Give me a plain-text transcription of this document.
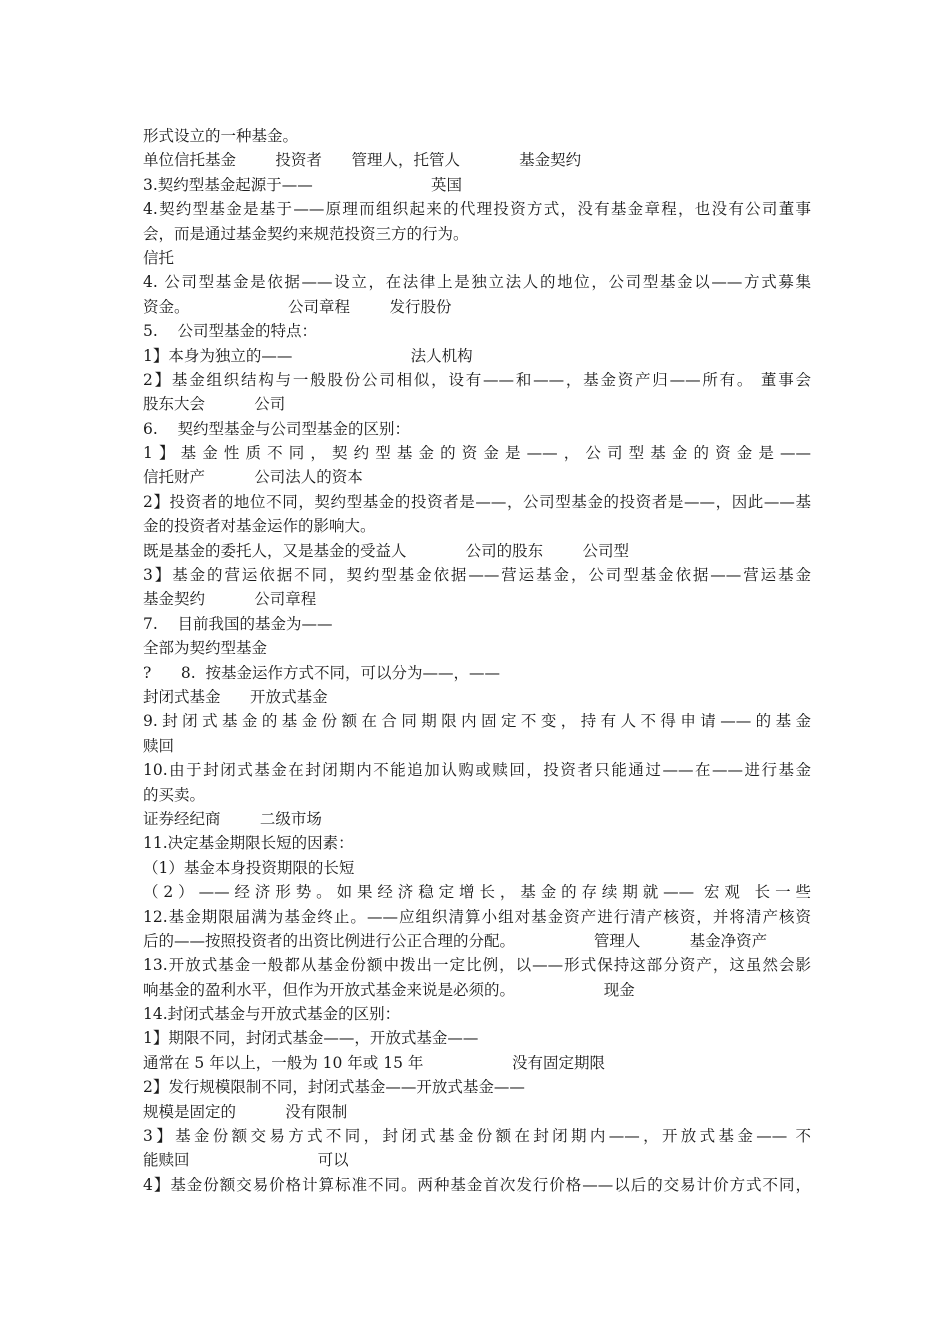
形式设立的一种基金。
单位信托基金        投资者      管理人，托管人            基金契约
3.契约型基金起源于——                        英国
4.契约型基金是基于——原理而组织起来的代理投资方式，没有基金章程，也没有公司董事
会，而是通过基金契约来规范投资三方的行为。
信托
4. 公司型基金是依据——设立，在法律上是独立法人的地位，公司型基金以——方式募集
资金。                    公司章程        发行股份
5.    公司型基金的特点：
1】本身为独立的——                        法人机构
2】基金组织结构与一般股份公司相似，设有——和——，基金资产归——所有。 董事会
股东大会          公司
6.    契约型基金与公司型基金的区别：
1】基金性质不同，契约型基金的资金是——，公司型基金的资金是——
信托财产          公司法人的资本
2】投资者的地位不同，契约型基金的投资者是——，公司型基金的投资者是——，因此——基
金的投资者对基金运作的影响大。
既是基金的委托人，又是基金的受益人            公司的股东        公司型
3】基金的营运依据不同，契约型基金依据——营运基金，公司型基金依据——营运基金
基金契约          公司章程
7.    目前我国的基金为——
全部为契约型基金
?      8.  按基金运作方式不同，可以分为——，——
封闭式基金      开放式基金
9.封闭式基金的基金份额在合同期限内固定不变，持有人不得申请——的基金
赎回
10.由于封闭式基金在封闭期内不能追加认购或赎回，投资者只能通过——在——进行基金
的买卖。
证券经纪商        二级市场
11.决定基金期限长短的因素：
（1）基金本身投资期限的长短
（2）——经济形势。如果经济稳定增长，基金的存续期就—— 宏观 长一些
12.基金期限届满为基金终止。——应组织清算小组对基金资产进行清产核资，并将清产核资
后的——按照投资者的出资比例进行公正合理的分配。                管理人          基金净资产
13.开放式基金一般都从基金份额中拨出一定比例，以——形式保持这部分资产，这虽然会影
响基金的盈利水平，但作为开放式基金来说是必须的。                  现金
14.封闭式基金与开放式基金的区别：
1】期限不同，封闭式基金——，开放式基金——
通常在 5 年以上，一般为 10 年或 15 年                  没有固定期限
2】发行规模限制不同，封闭式基金——开放式基金——
规模是固定的          没有限制
3】基金份额交易方式不同，封闭式基金份额在封闭期内——，开放式基金—— 不
能赎回                          可以
4】基金份额交易价格计算标准不同。两种基金首次发行价格——以后的交易计价方式不同，
